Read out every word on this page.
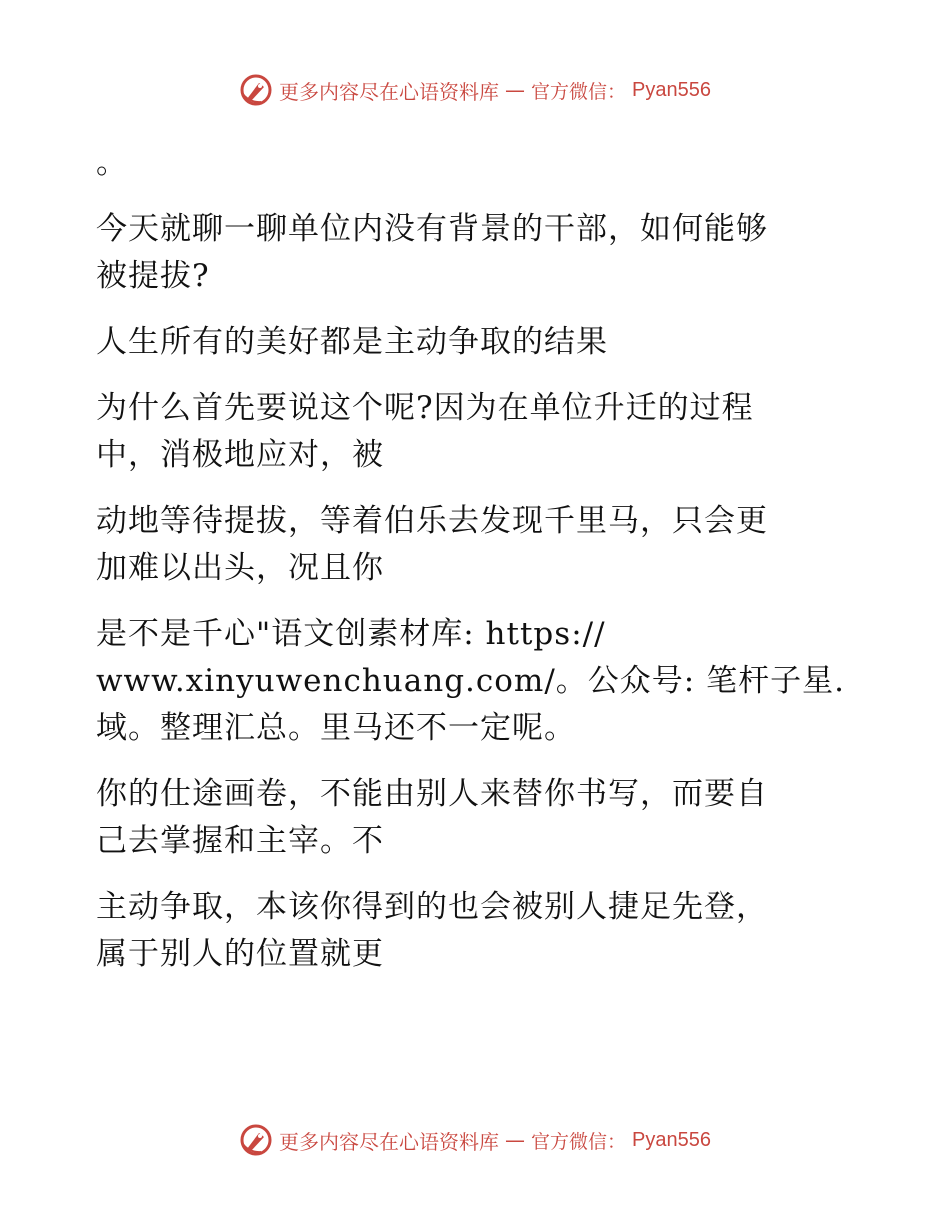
更多内容尽在心语资料库 — 官方微信： Pyan556
。
今天就聊一聊单位内没有背景的干部，如何能够
被提拔?
人生所有的美好都是主动争取的结果
为什么首先要说这个呢?因为在单位升迁的过程
中，消极地应对，被
动地等待提拔，等着伯乐去发现千里马，只会更
加难以出头，况且你
是不是千心"语文创素材库: https://
www.xinyuwenchuang.com/。公众号: 笔杆子星.
域。整理汇总。里马还不一定呢。
你的仕途画卷，不能由别人来替你书写，而要自
己去掌握和主宰。不
主动争取，本该你得到的也会被别人捷足先登，
属于别人的位置就更
更多内容尽在心语资料库 — 官方微信： Pyan556
